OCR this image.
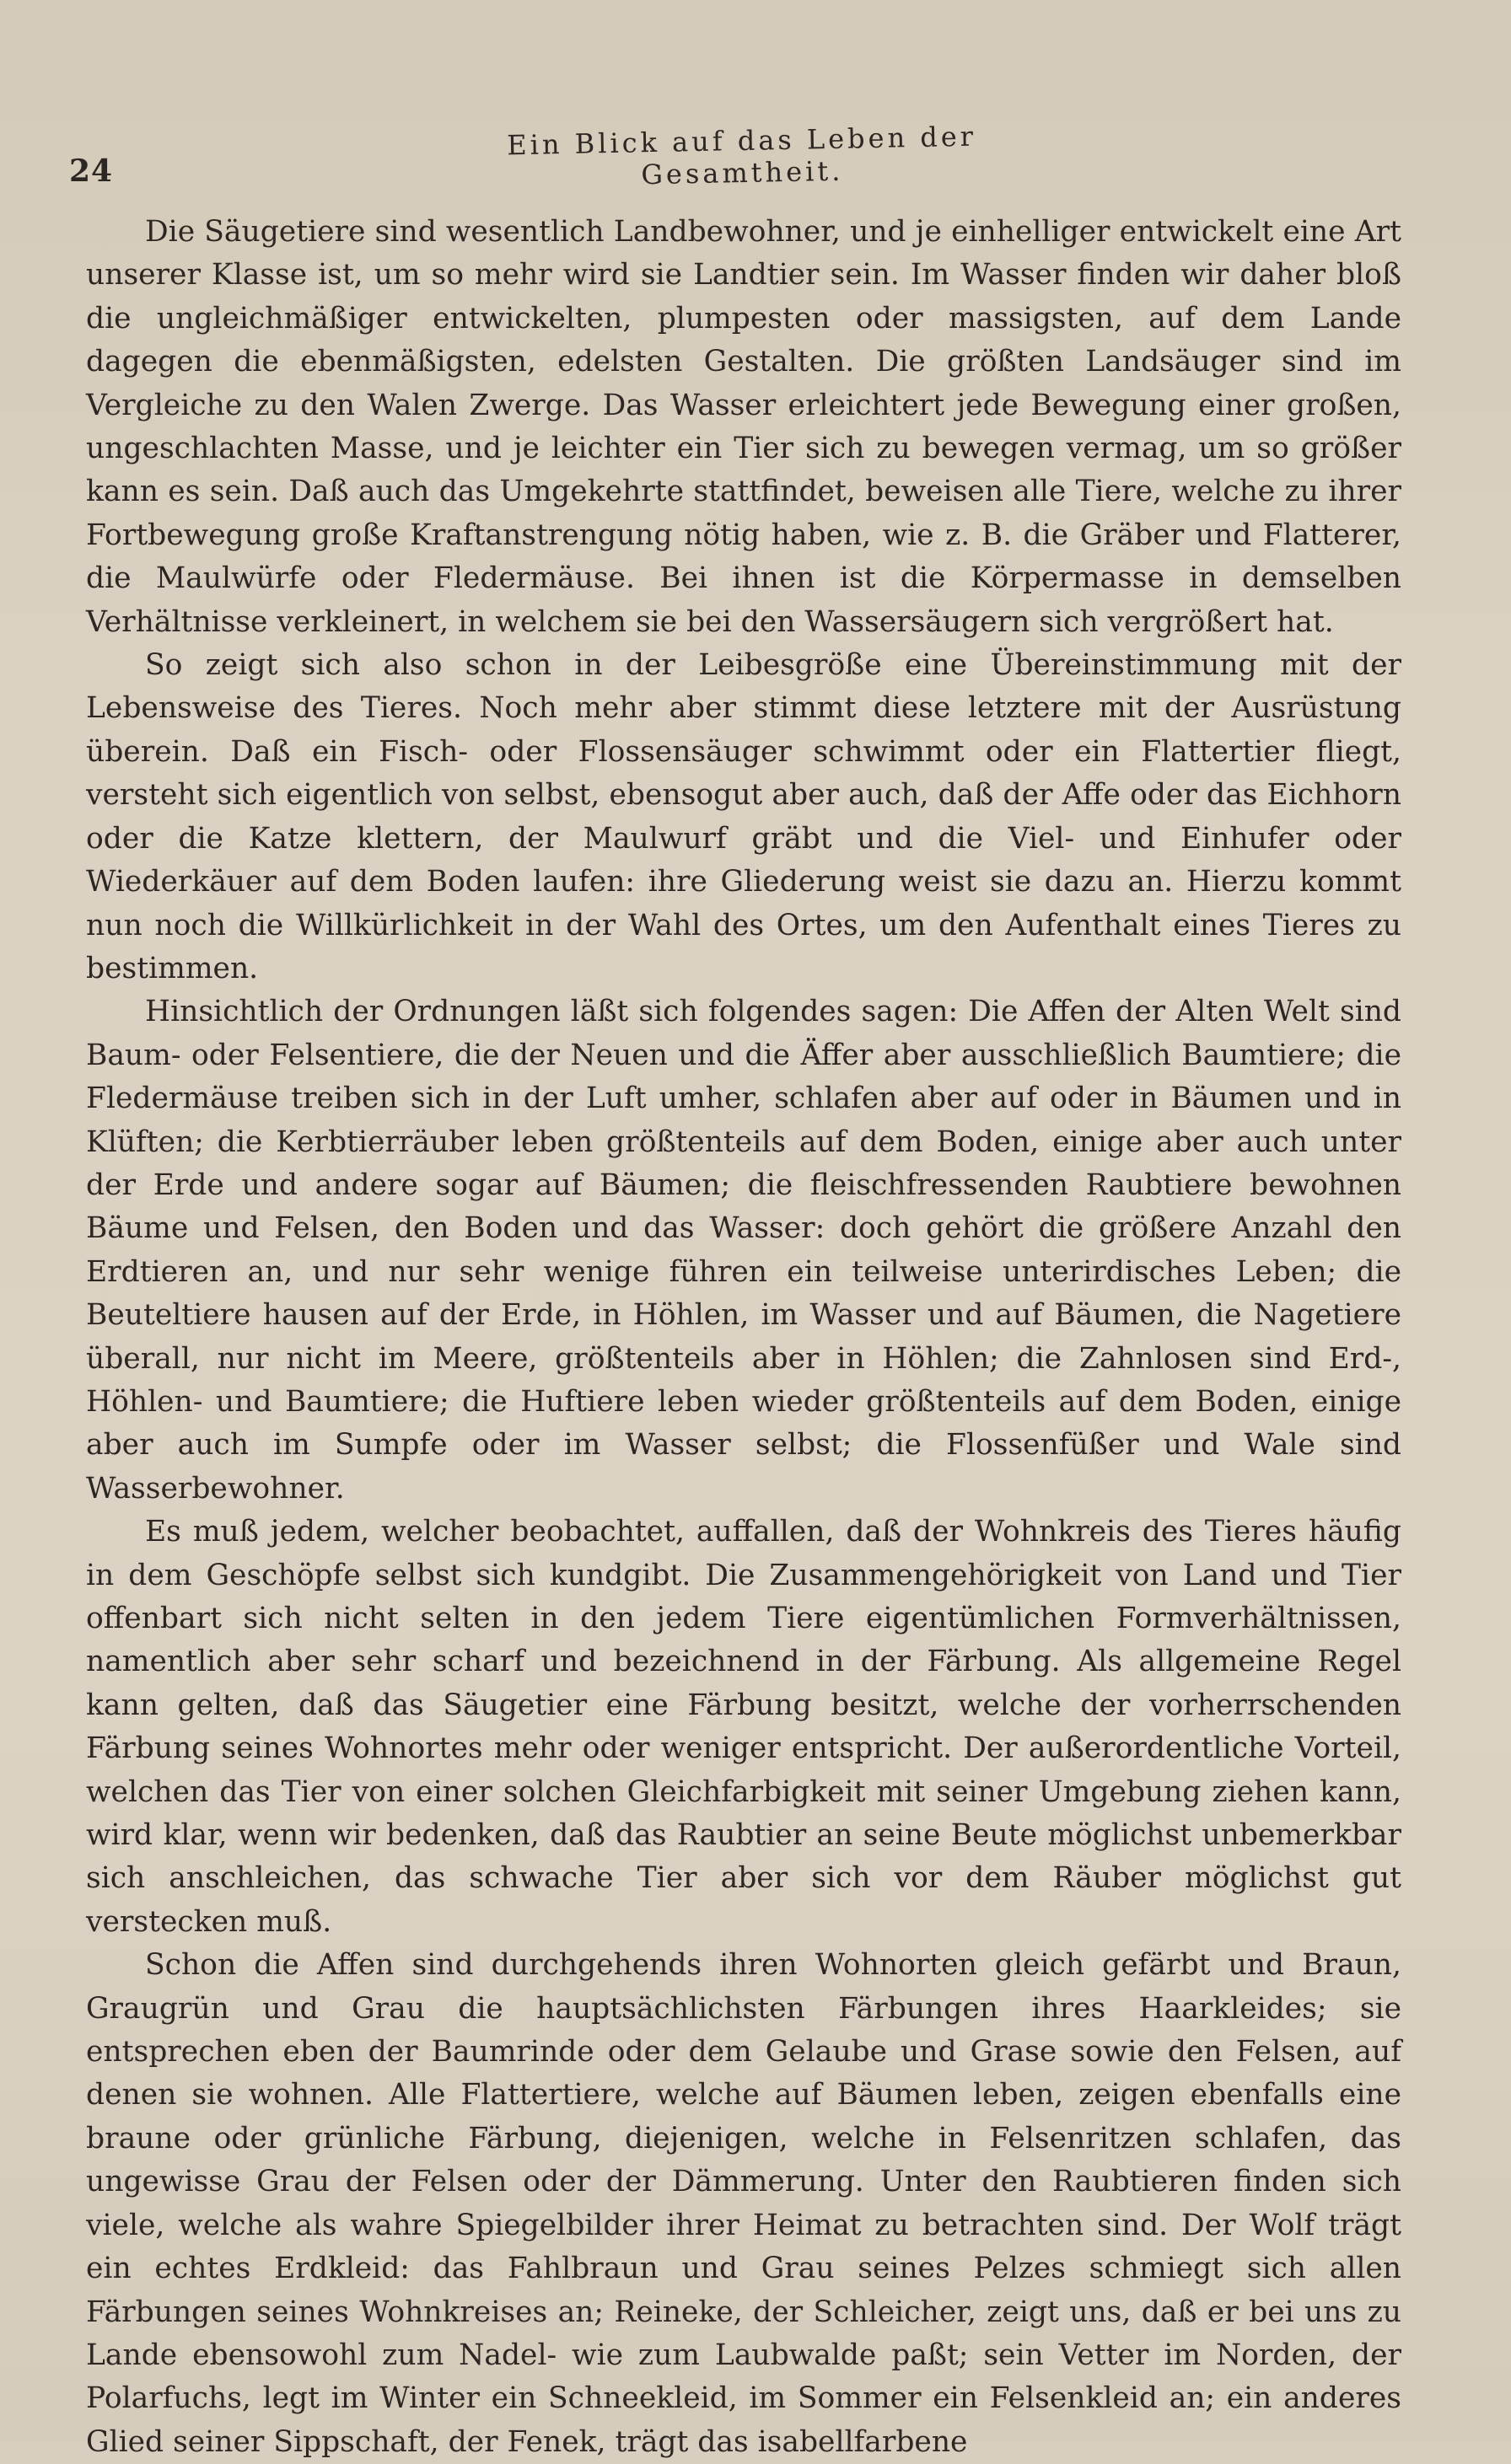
24
Ein Blick auf das Leben der Gesamtheit.

Die Säugetiere sind wesentlich Landbewohner, und je einhelliger entwickelt eine Art unserer Klasse ist, um so mehr wird sie Landtier sein. Im Wasser finden wir daher bloß die ungleichmäßiger entwickelten, plumpesten oder massigsten, auf dem Lande dagegen die ebenmäßigsten, edelsten Gestalten. Die größten Landsäuger sind im Vergleiche zu den Walen Zwerge. Das Wasser erleichtert jede Bewegung einer großen, ungeschlachten Masse, und je leichter ein Tier sich zu bewegen vermag, um so größer kann es sein. Daß auch das Umgekehrte stattfindet, beweisen alle Tiere, welche zu ihrer Fortbewegung große Kraftanstrengung nötig haben, wie z. B. die Gräber und Flatterer, die Maulwürfe oder Fledermäuse. Bei ihnen ist die Körpermasse in demselben Verhältnisse verkleinert, in welchem sie bei den Wassersäugern sich vergrößert hat.

So zeigt sich also schon in der Leibesgröße eine Übereinstimmung mit der Lebensweise des Tieres. Noch mehr aber stimmt diese letztere mit der Ausrüstung überein. Daß ein Fisch- oder Flossensäuger schwimmt oder ein Flattertier fliegt, versteht sich eigentlich von selbst, ebensogut aber auch, daß der Affe oder das Eichhorn oder die Katze klettern, der Maulwurf gräbt und die Viel- und Einhufer oder Wiederkäuer auf dem Boden laufen: ihre Gliederung weist sie dazu an. Hierzu kommt nun noch die Willkürlichkeit in der Wahl des Ortes, um den Aufenthalt eines Tieres zu bestimmen.

Hinsichtlich der Ordnungen läßt sich folgendes sagen: Die Affen der Alten Welt sind Baum- oder Felsentiere, die der Neuen und die Äffer aber ausschließlich Baumtiere; die Fledermäuse treiben sich in der Luft umher, schlafen aber auf oder in Bäumen und in Klüften; die Kerbtierräuber leben größtenteils auf dem Boden, einige aber auch unter der Erde und andere sogar auf Bäumen; die fleischfressenden Raubtiere bewohnen Bäume und Felsen, den Boden und das Wasser: doch gehört die größere Anzahl den Erdtieren an, und nur sehr wenige führen ein teilweise unterirdisches Leben; die Beuteltiere hausen auf der Erde, in Höhlen, im Wasser und auf Bäumen, die Nagetiere überall, nur nicht im Meere, größtenteils aber in Höhlen; die Zahnlosen sind Erd-, Höhlen- und Baumtiere; die Huftiere leben wieder größtenteils auf dem Boden, einige aber auch im Sumpfe oder im Wasser selbst; die Flossenfüßer und Wale sind Wasserbewohner.

Es muß jedem, welcher beobachtet, auffallen, daß der Wohnkreis des Tieres häufig in dem Geschöpfe selbst sich kundgibt. Die Zusammengehörigkeit von Land und Tier offenbart sich nicht selten in den jedem Tiere eigentümlichen Formverhältnissen, namentlich aber sehr scharf und bezeichnend in der Färbung. Als allgemeine Regel kann gelten, daß das Säugetier eine Färbung besitzt, welche der vorherrschenden Färbung seines Wohnortes mehr oder weniger entspricht. Der außerordentliche Vorteil, welchen das Tier von einer solchen Gleichfarbigkeit mit seiner Umgebung ziehen kann, wird klar, wenn wir bedenken, daß das Raubtier an seine Beute möglichst unbemerkbar sich anschleichen, das schwache Tier aber sich vor dem Räuber möglichst gut verstecken muß.

Schon die Affen sind durchgehends ihren Wohnorten gleich gefärbt und Braun, Graugrün und Grau die hauptsächlichsten Färbungen ihres Haarkleides; sie entsprechen eben der Baumrinde oder dem Gelaube und Grase sowie den Felsen, auf denen sie wohnen. Alle Flattertiere, welche auf Bäumen leben, zeigen ebenfalls eine braune oder grünliche Färbung, diejenigen, welche in Felsenritzen schlafen, das ungewisse Grau der Felsen oder der Dämmerung. Unter den Raubtieren finden sich viele, welche als wahre Spiegelbilder ihrer Heimat zu betrachten sind. Der Wolf trägt ein echtes Erdkleid: das Fahlbraun und Grau seines Pelzes schmiegt sich allen Färbungen seines Wohnkreises an; Reineke, der Schleicher, zeigt uns, daß er bei uns zu Lande ebensowohl zum Nadel- wie zum Laubwalde paßt; sein Vetter im Norden, der Polarfuchs, legt im Winter ein Schneekleid, im Sommer ein Felsenkleid an; ein anderes Glied seiner Sippschaft, der Fenek, trägt das isabellfarbene
